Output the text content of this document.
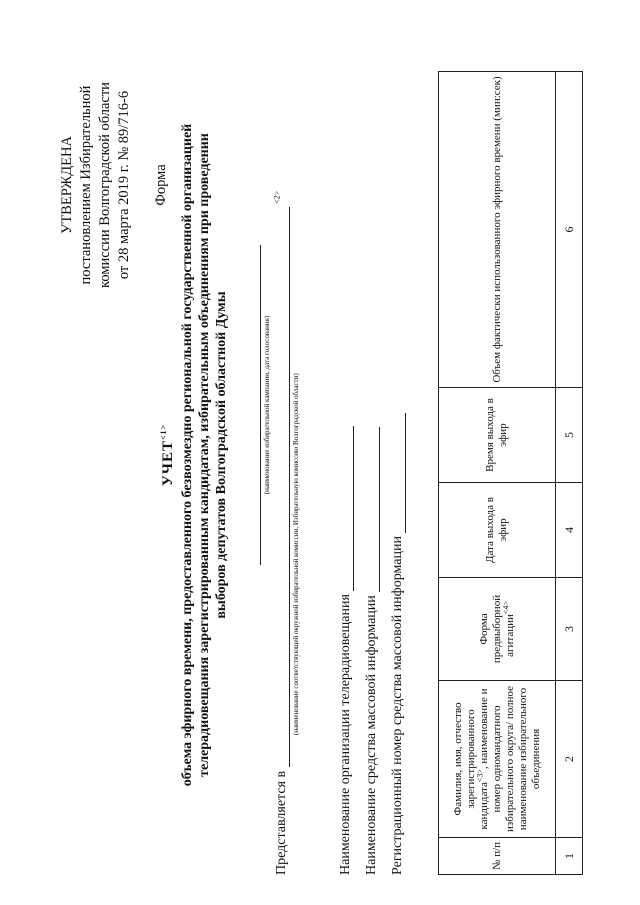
УТВЕРЖДЕНА постановлением Избирательной комиссии Волгоградской области от 28 марта 2019 г. № 89/716-6 Форма
$УЧЕТ^{<1>}$ объема эфирного времени, предоставленного безвозмездно региональной государственной организацией телерадиовещания зарегистрированным кандидатам, избирательным объединениям при проведении выборов депутатов Волгоградской областной Думы	(наименование избирательной кампании, дата голосования)
Представляется в  $^{<2>}$
(наименование соответствующей окружной избирательной комиссии, Избирательную комиссию Волгоградской области)	Наименование организации телерадиовещания Наименование средства массовой информации Регистрационный номер средства массовой информации	№ п/п	Фамилия, имя, отчество зарегистрированного кандидата$^{<3>}$, наименование и номер одномандатного избирательного округа/ полное наименование избирательного объединения	Форма предвыборной агитации$^{<4>}$	Дата выхода в эфир	Время выхода в эфир	Объем фактически использованного эфирного времени (мин:сек)
1	2	3	4	5	6
